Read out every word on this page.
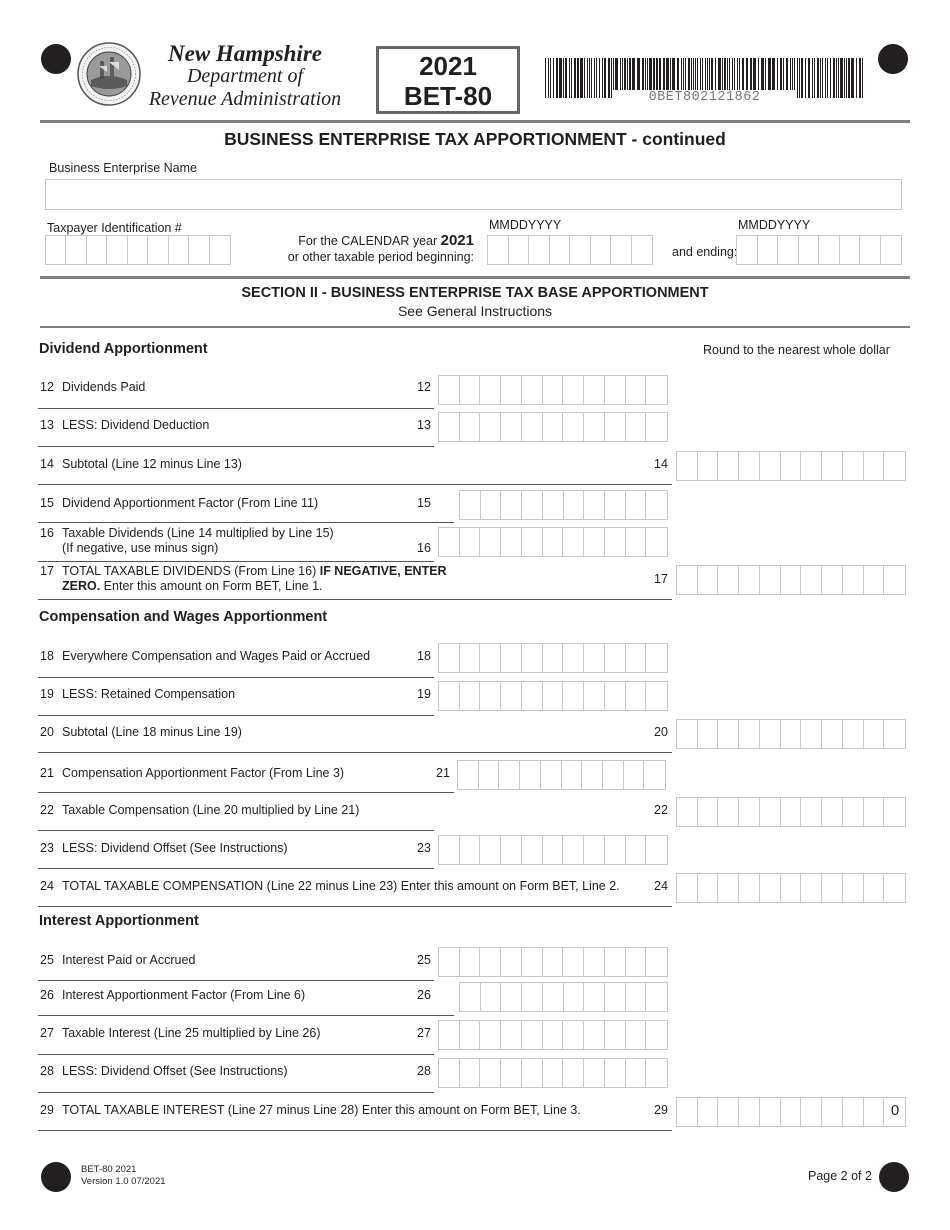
New Hampshire
Department of
Revenue Administration
2021
BET-80	0BET802121862
BUSINESS ENTERPRISE TAX APPORTIONMENT - continued
Business Enterprise Name
Taxpayer Identification #
For the CALENDAR year 2021
or other taxable period beginning:
MMDDYYYY
and ending:
MMDDYYYY
SECTION II - BUSINESS ENTERPRISE TAX BASE APPORTIONMENT
See General Instructions
Dividend Apportionment	Round to the nearest whole dollar
12 Dividends Paid	12
13 LESS: Dividend Deduction	13
14 Subtotal (Line 12 minus Line 13)	14
15 Dividend Apportionment Factor (From Line 11)	15
16 Taxable Dividends (Line 14 multiplied by Line 15)
(If negative, use minus sign)	16
17 TOTAL TAXABLE DIVIDENDS (From Line 16) IF NEGATIVE, ENTER
ZERO. Enter this amount on Form BET, Line 1.	17
Compensation and Wages Apportionment
18 Everywhere Compensation and Wages Paid or Accrued	18
19 LESS: Retained Compensation	19
20 Subtotal (Line 18 minus Line 19)	20
21 Compensation Apportionment Factor (From Line 3)	21
22 Taxable Compensation (Line 20 multiplied by Line 21)	22
23 LESS: Dividend Offset (See Instructions)	23
24 TOTAL TAXABLE COMPENSATION (Line 22 minus Line 23) Enter this amount on Form BET, Line 2.	24
Interest Apportionment
25 Interest Paid or Accrued	25
26 Interest Apportionment Factor (From Line 6)	26
27 Taxable Interest (Line 25 multiplied by Line 26)	27
28 LESS: Dividend Offset (See Instructions)	28
29 TOTAL TAXABLE INTEREST (Line 27 minus Line 28) Enter this amount on Form BET, Line 3.	29	0
BET-80 2021
Version 1.0 07/2021	Page 2 of 2
